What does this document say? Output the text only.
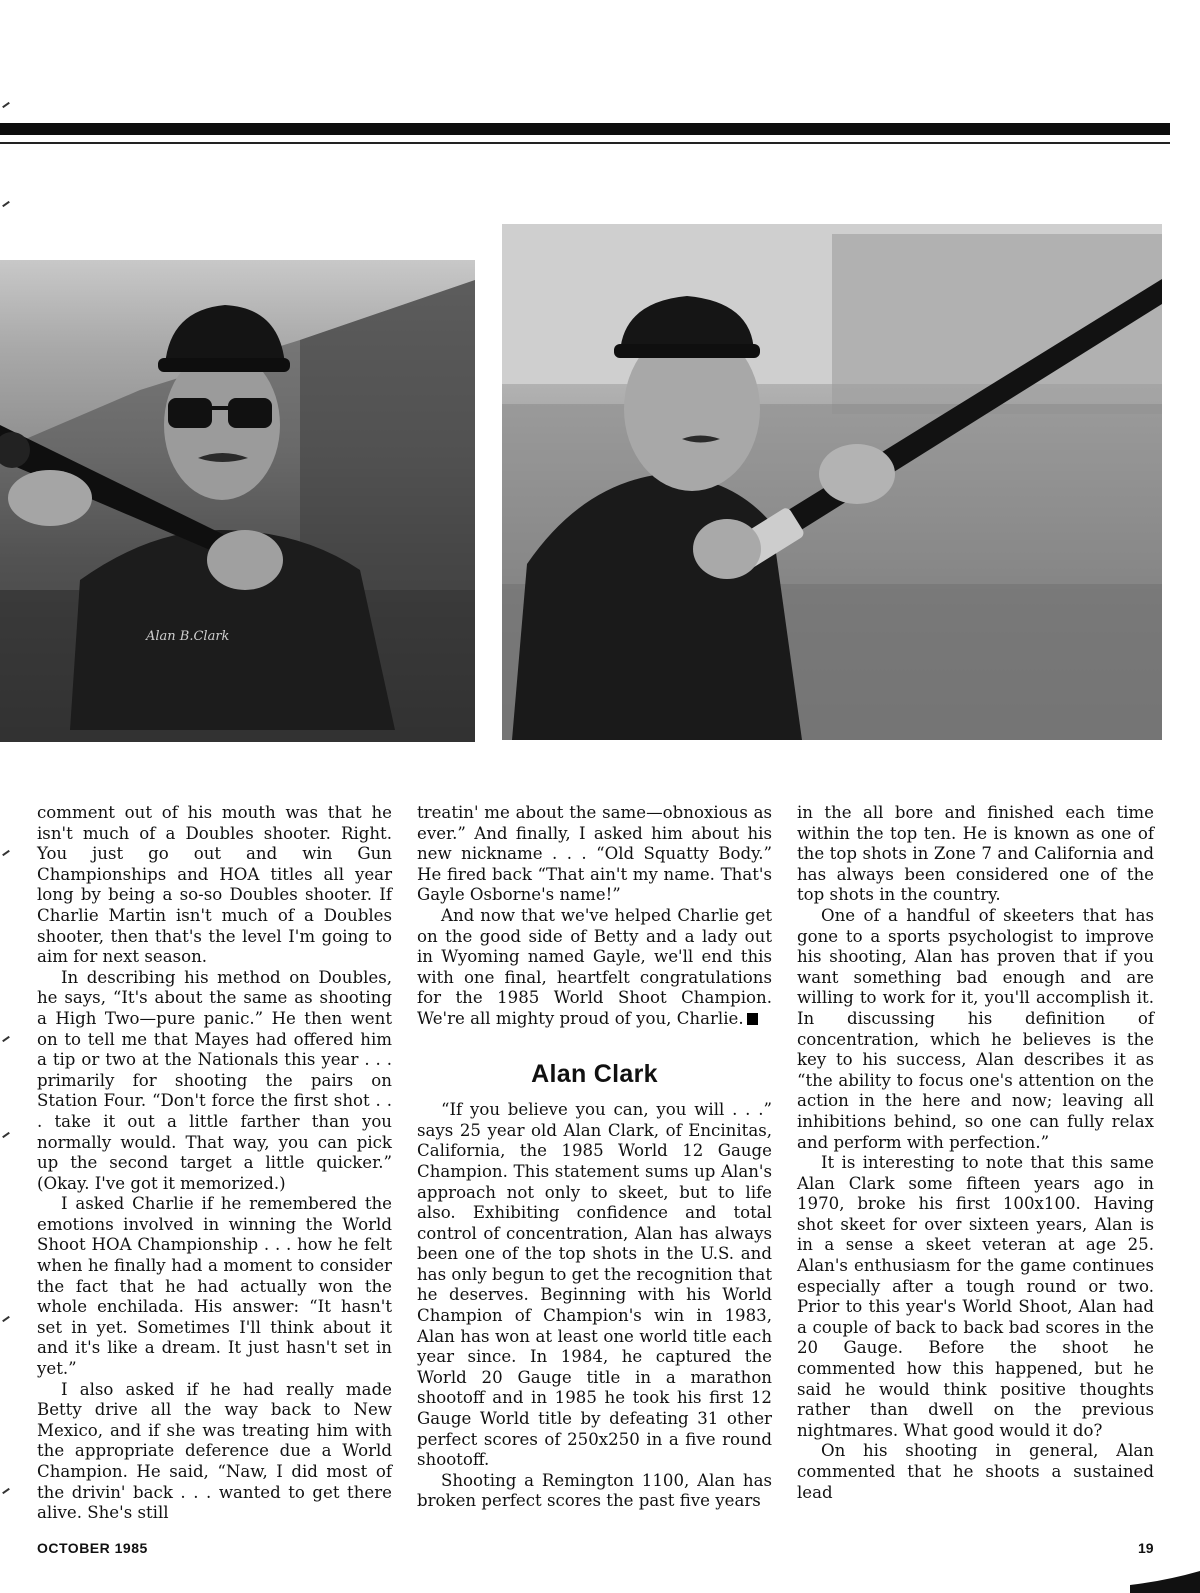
Alan B.Clark

comment out of his mouth was that he isn't much of a Doubles shooter. Right. You just go out and win Gun Championships and HOA titles all year long by being a so-so Doubles shooter. If Charlie Martin isn't much of a Doubles shooter, then that's the level I'm going to aim for next season.

In describing his method on Doubles, he says, “It's about the same as shooting a High Two—pure panic.” He then went on to tell me that Mayes had offered him a tip or two at the Nationals this year . . . primarily for shooting the pairs on Station Four. “Don't force the first shot . . . take it out a little farther than you normally would. That way, you can pick up the second target a little quicker.” (Okay. I've got it memorized.)

I asked Charlie if he remembered the emotions involved in winning the World Shoot HOA Championship . . . how he felt when he finally had a moment to consider the fact that he had actually won the whole enchilada. His answer: “It hasn't set in yet. Sometimes I'll think about it and it's like a dream. It just hasn't set in yet.”

I also asked if he had really made Betty drive all the way back to New Mexico, and if she was treating him with the appropriate deference due a World Champion. He said, “Naw, I did most of the drivin' back . . . wanted to get there alive. She's still

treatin' me about the same—obnoxious as ever.” And finally, I asked him about his new nickname . . . “Old Squatty Body.” He fired back “That ain't my name. That's Gayle Osborne's name!”

And now that we've helped Charlie get on the good side of Betty and a lady out in Wyoming named Gayle, we'll end this with one final, heartfelt congratulations for the 1985 World Shoot Champion. We're all mighty proud of you, Charlie.

Alan Clark

“If you believe you can, you will . . .” says 25 year old Alan Clark, of Encinitas, California, the 1985 World 12 Gauge Champion. This statement sums up Alan's approach not only to skeet, but to life also. Exhibiting confidence and total control of concentration, Alan has always been one of the top shots in the U.S. and has only begun to get the recognition that he deserves. Beginning with his World Champion of Champion's win in 1983, Alan has won at least one world title each year since. In 1984, he captured the World 20 Gauge title in a marathon shootoff and in 1985 he took his first 12 Gauge World title by defeating 31 other perfect scores of 250x250 in a five round shootoff.

Shooting a Remington 1100, Alan has broken perfect scores the past five years

in the all bore and finished each time within the top ten. He is known as one of the top shots in Zone 7 and California and has always been considered one of the top shots in the country.

One of a handful of skeeters that has gone to a sports psychologist to improve his shooting, Alan has proven that if you want something bad enough and are willing to work for it, you'll accomplish it. In discussing his definition of concentration, which he believes is the key to his success, Alan describes it as “the ability to focus one's attention on the action in the here and now; leaving all inhibitions behind, so one can fully relax and perform with perfection.”

It is interesting to note that this same Alan Clark some fifteen years ago in 1970, broke his first 100x100. Having shot skeet for over sixteen years, Alan is in a sense a skeet veteran at age 25. Alan's enthusiasm for the game continues especially after a tough round or two. Prior to this year's World Shoot, Alan had a couple of back to back bad scores in the 20 Gauge. Before the shoot he commented how this happened, but he said he would think positive thoughts rather than dwell on the previous nightmares. What good would it do?

On his shooting in general, Alan commented that he shoots a sustained lead

OCTOBER 1985	19
